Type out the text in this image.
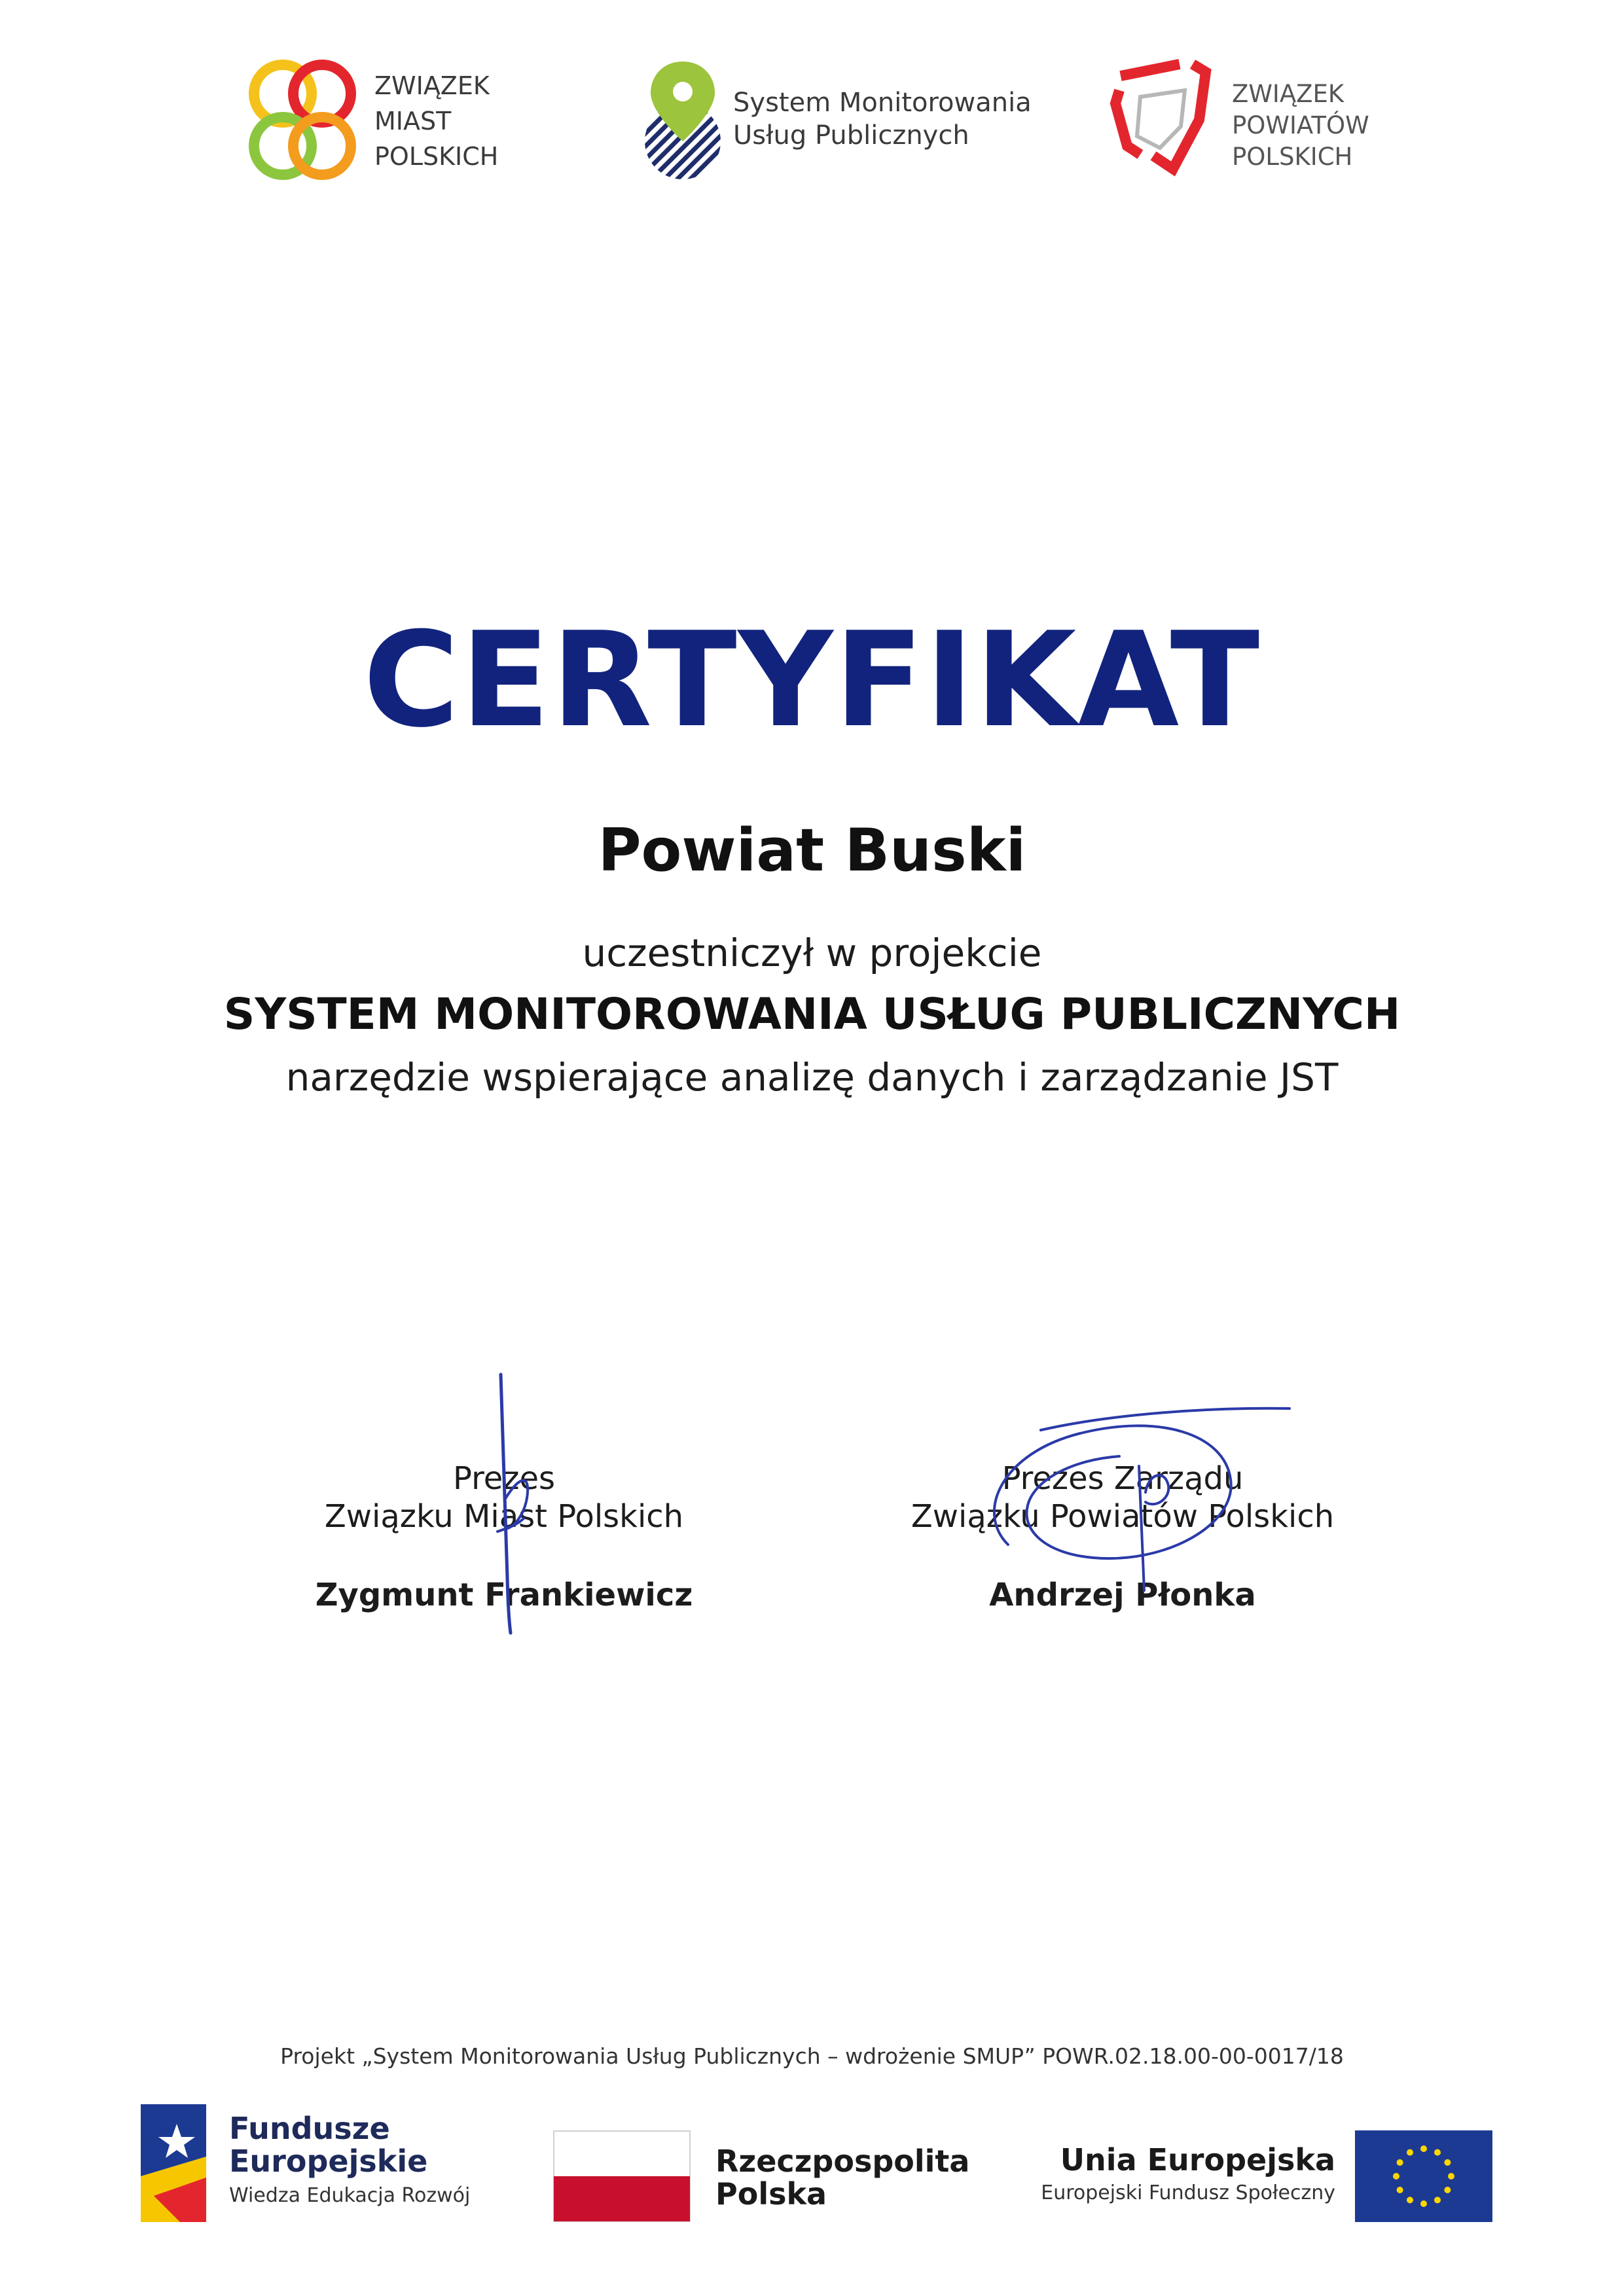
ZWIĄZEK
MIAST
POLSKICH
System Monitorowania
Usług Publicznych
ZWIĄZEK
POWIATÓW
POLSKICH
CERTYFIKAT
Powiat Buski
uczestniczył w projekcie
SYSTEM MONITOROWANIA USŁUG PUBLICZNYCH
narzędzie wspierające analizę danych i zarządzanie JST
Prezes
Związku Miast Polskich
Zygmunt Frankiewicz
Prezes Zarządu
Związku Powiatów Polskich
Andrzej Płonka
Projekt „System Monitorowania Usług Publicznych – wdrożenie SMUP” POWR.02.18.00-00-0017/18
Fundusze
Europejskie
Wiedza Edukacja Rozwój
Rzeczpospolita
Polska
Unia Europejska
Europejski Fundusz Społeczny
